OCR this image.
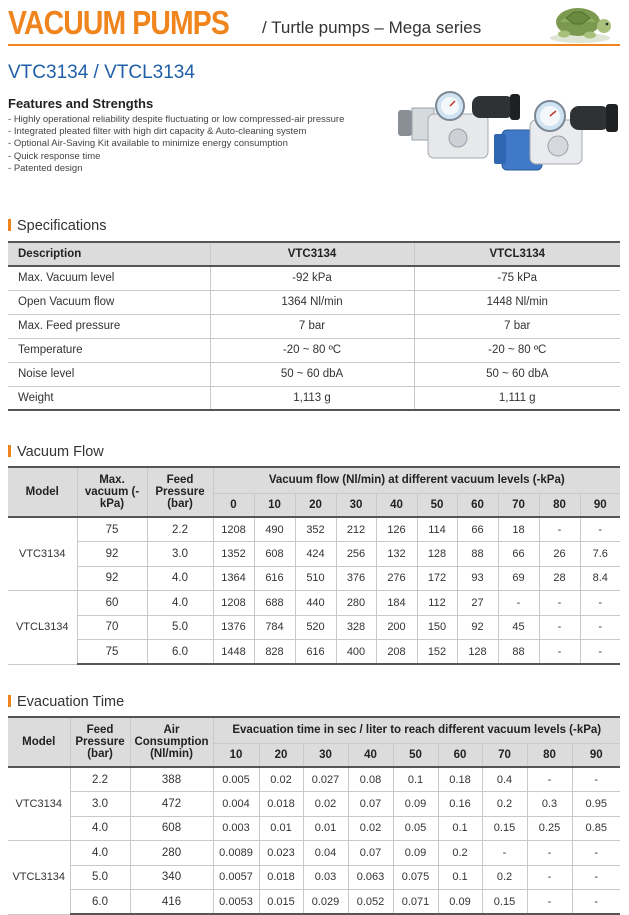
VACUUM PUMPS / Turtle pumps – Mega series
VTC3134 / VTCL3134
Features and Strengths
- Highly operational reliability despite fluctuating or low compressed-air pressure
- Integrated pleated filter with high dirt capacity & Auto-cleaning system
- Optional Air-Saving Kit available to minimize energy consumption
- Quick response time
- Patented design
Specifications
Description	VTC3134	VTCL3134
Max. Vacuum level	-92 kPa	-75 kPa
Open Vacuum flow	1364 Nl/min	1448 Nl/min
Max. Feed pressure	7 bar	7 bar
Temperature	-20 ~ 80 ºC	-20 ~ 80 ºC
Noise level	50 ~ 60 dbA	50 ~ 60 dbA
Weight	1,113 g	1,111 g
Vacuum Flow
Model	Max. vacuum (-kPa)	Feed Pressure (bar)	Vacuum flow (Nl/min) at different vacuum levels (-kPa)									
			0	10	20	30	40	50	60	70	80	90
VTC3134	75	2.2	1208	490	352	212	126	114	66	18	-	-
	92	3.0	1352	608	424	256	132	128	88	66	26	7.6
	92	4.0	1364	616	510	376	276	172	93	69	28	8.4
VTCL3134	60	4.0	1208	688	440	280	184	112	27	-	-	-
	70	5.0	1376	784	520	328	200	150	92	45	-	-
	75	6.0	1448	828	616	400	208	152	128	88	-	-
Evacuation Time
Model	Feed Pressure (bar)	Air Consumption (Nl/min)	Evacuation time in sec / liter to reach different vacuum levels (-kPa)								
			10	20	30	40	50	60	70	80	90
VTC3134	2.2	388	0.005	0.02	0.027	0.08	0.1	0.18	0.4	-	-
	3.0	472	0.004	0.018	0.02	0.07	0.09	0.16	0.2	0.3	0.95
	4.0	608	0.003	0.01	0.01	0.02	0.05	0.1	0.15	0.25	0.85
VTCL3134	4.0	280	0.0089	0.023	0.04	0.07	0.09	0.2	-	-	-
	5.0	340	0.0057	0.018	0.03	0.063	0.075	0.1	0.2	-	-
	6.0	416	0.0053	0.015	0.029	0.052	0.071	0.09	0.15	-	-
